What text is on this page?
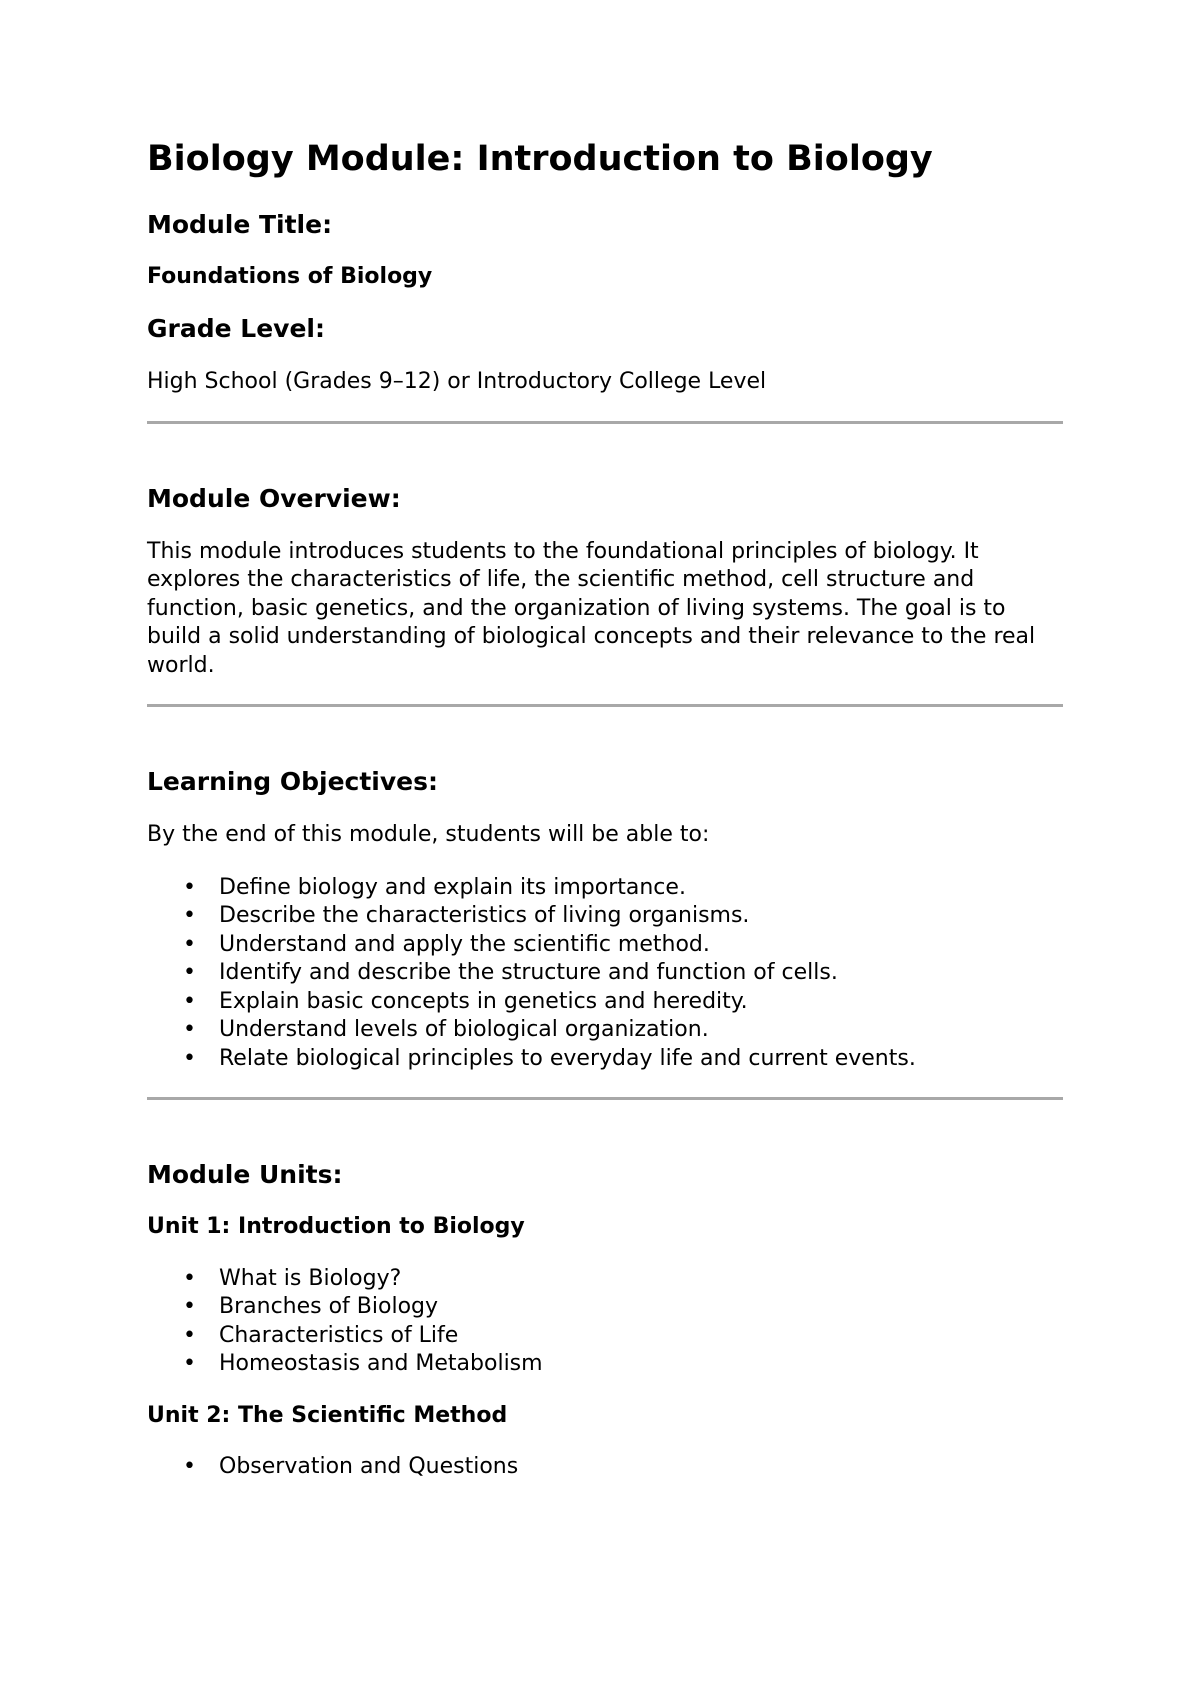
Biology Module: Introduction to Biology
Module Title:
Foundations of Biology
Grade Level:

High School (Grades 9–12) or Introductory College Level

Module Overview:

This module introduces students to the foundational principles of biology. It explores the characteristics of life, the scientific method, cell structure and function, basic genetics, and the organization of living systems. The goal is to build a solid understanding of biological concepts and their relevance to the real world.

Learning Objectives:

By the end of this module, students will be able to:

• Define biology and explain its importance.
• Describe the characteristics of living organisms.
• Understand and apply the scientific method.
• Identify and describe the structure and function of cells.
• Explain basic concepts in genetics and heredity.
• Understand levels of biological organization.
• Relate biological principles to everyday life and current events.
Module Units:
Unit 1: Introduction to Biology
• What is Biology?
• Branches of Biology
• Characteristics of Life
• Homeostasis and Metabolism
Unit 2: The Scientific Method
• Observation and Questions
